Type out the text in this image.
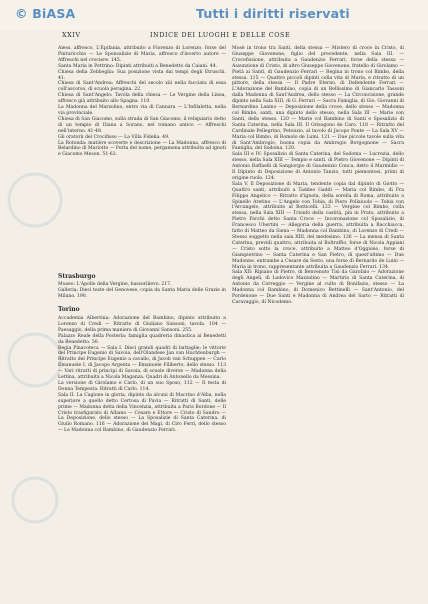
© BiASA	Tutti i diritti riservati
XXIV	INDICE DEI LUOGHI E DELLE COSE

Aless. affresco, L'Epifania, attribuito a Fiorenzo di Lorenzo, forse del Pinturicchio — Le Sponsalizie di Maria, affresco d'incerto autore — Affreschi nel crociere. 145.

Santa Maria in Pettrino: Dipinti attribuiti a Benedetto da Caiani. 44.

Chiesa della Zebbeglia: Sua posizione vista dai tempi degli Etruschi. 41.

Chiesa di Sant'Andrea: Affreschi del secolo xiii nella facciata di essa coll'ascorso, di scuola perugina. 22.

Chiesa di Sant'Angelo: Tavola della chiesa — Le Vergine della Linea, affresco già attribuito allo Spagna. 110.

La Madonna del Marzolino, entro via di Cannara — L'Infilaletta, nella via provinciale.

Chiesa di San Giacomo, sulla strada di San Giacomo, il reliquiario detto di un tempio di Diana a Sorano, nel romano antico — Affreschi nell'interno. 41-48.

Gli oratorii del Crocifisso — La Villa Fidelia. 49.

La Rotonda: matière scoverte e descrizione — La Madonna, affresco di Belardino di Mariotto — Porta del nome, pergamena attribuita ad ignoti e Giacomo Meson. 51-62.

Strasburgo

Museo: L'Apollo della Vergine, bassorilievo. 217.

Galleria: Dieci teste del Genovese, copia da Santa Maria delle Grazie in Milano. 190.

Torino

Accademia Albertina: Adorazione del Bambino, dipinto attribuito a Lorenzo di Credi — Ritratto di Giuliano Sansoni, tavola. 104 — Paesaggio, della prima maniera di Giovanni Sansoni. 255.

Palazzo Reale della Posterla: famiglia quadreria dinastica ai Benedetti da Benedetto. 50.

Regia Pinacoteca — Sala I. Dieci grandi quadri di battaglie; le vittorie del Principe Eugenio di Savoia, dell'Olandese Jan van Huchtenburgh — Ritratto del Principe Eugenio a cavallo, di Jacob van Schuppen — Carlo Emanuele I, di Jacopo Argenta — Emanuele Filiberto, dello stesso. 113 — Vari ritratti di principi di Savoia, di scuole diverse — Madonna della Lettina, attribuita a Nicola Maganza. Quadri di Antonello da Messina.

La versione di Girolamo e Carlo, di un suo Sposo, 112 — Il testa di Donna Tempesta. Ritratti di Carlo. 114.

Sala II. La Cagione in gloria, dipinto da alcuni di Macrino d'Alba, nella superiore a quello detto Certosa di Pavia — Ritratti di Santi, delle prime — Madonna detta della Vincenzia, attribuita a Paris Bordone — Il Cristo trasfigurato di Albano — Cesare e Ettore — Cristo di Sandro — La Deposizione, dello stesso — La Sposalizie di Santa Caterina, di Giulio Romano. 116 — Adorazione dei Magi, di Ciro Ferri, dello stesso — Le Madonna col Bambino, di Gaudenzio Ferrari.

Mosè in trono tra Santi, della stessa — Mistero di croce in Cristo, di Giuseppe Giovenone, figlio del precedente, nella Sala III. — Crocefissione, attribuita a Gaudenzio Ferrari, forse della stessa — Assunzione di Cristo, di altro Giuseppe Giovenone, fratello di Girolamo — Pietà ai Santi, di Gaudenzio Ferrari — Regina in trono col Bimbo, della stessa. 115 — Quattro piccoli dipinti colla vita di Maria, e ritratto di un pittore, della stessa — Il Padre Eterno, di Defendente Ferrari — L'Adorazione del Bambino, copia di un Bellissimo di Giancarlo Tassoni dalla Madonna di Sant'Andrea, dello stesso — La Circoncisione, grande dipinto nella Sala XIII, di G. Ferrari — Sacra Famiglia, di Gio. Giovanni di Bernardino Lanino — Deposizione della croce, dello stesso — Madonna col Bimbo, santi, una dipinto dello stesso, nella Sala III — Marie con Santi, dello stesso. 120 — Marie col Bambino di Santi e Sposalizio di Santa Caterina, nella Sala III. Il Grisogono de Caro. 118 — Ritratto del Cardinale Pellegrino, Petonzio, al tavolo di Jacopo Ponte — La Sala XV — Maria col Bimbo, di Romolo de Lumi. 121 — Due piccole tavole sulla vita di Sant'Ambrogio, buona copia da Ambrogio Borgognone — Sacra Famiglia, del Sodoma. 120.

Sala III e IV: Sposalizio di Santa Caterina, del Sodoma — Lucrezia, dello stesso, nella Sala XIII — Tempio e santi, di Pietro Giovenone — Dipinti di Antonio Raffaelli di Sangiorgio di Gaudenzio Conca, detto il Marmidio — Il Dipinto di Deposizione di Antonio Tanzio, tutti piemontesi, primi di origine ruolo. 124.

Sala V. Il Deposizione di Maria, tendente copia dal dipinto di Giotto — Quattro santi, attribuiti a Taddeo Gaddi — Maria col Bimbo, di Fra Filippo Angelico — Ritratto d'ignota, della sorella di Roma, attribuito a Spinello Aretino — L'Angelo con Tobia, di Piero Pollaiuolo — Tobia con l'Arcangelo, attribuito al Botticelli. 123 — Vergine col Bimbo, colla stessa, nella Sala XIII — Trionfo della castità, più in Prato, attribuito a Pietro Pacchi detto Santa Croce — Incoronazione col Sposalizio, di Francesco Ubertini — Allegoria della guerra, attribuita a Bacchiacca, fatto di Matteo da Siena — Madonna col Bambino, di Lorenzo di Credi — Stesso soggetto nella sala XIII, del medesimo. 126 — La mensa di Santa Caterina, previdi quattro, attribuita al Boltraffio, forse di Nicola Appiani — Cristo sotto la croce, attribuito a Matteo d'Oggiono, forse di Giampietrino — Santa Caterina e San Pietro, di quest'ultimo — Due Madonne, entrambe a Cesare da Sesto, una forse di Bernardo de Luini — Maria in trono, rappresentante attribuita a Gaudenzio Ferrari. 134.

Sala XII: Ripiano di Pietro, di Benvenuto Tisi da Garofalo — Adorazione degli Angeli, di Lodovico Mazzolino — Martirio di Santa Caterina, di Antonio da Correggio — Vergine al culto di Bonifazio, stesso — La Madonna col Bambino, di Domenico Bettinelli — Sant'Antonio, del Pordenone — Due Santi e Madonna di Andrea del Sarto — Ritratti di Caravaggio, di Nicodemo.
